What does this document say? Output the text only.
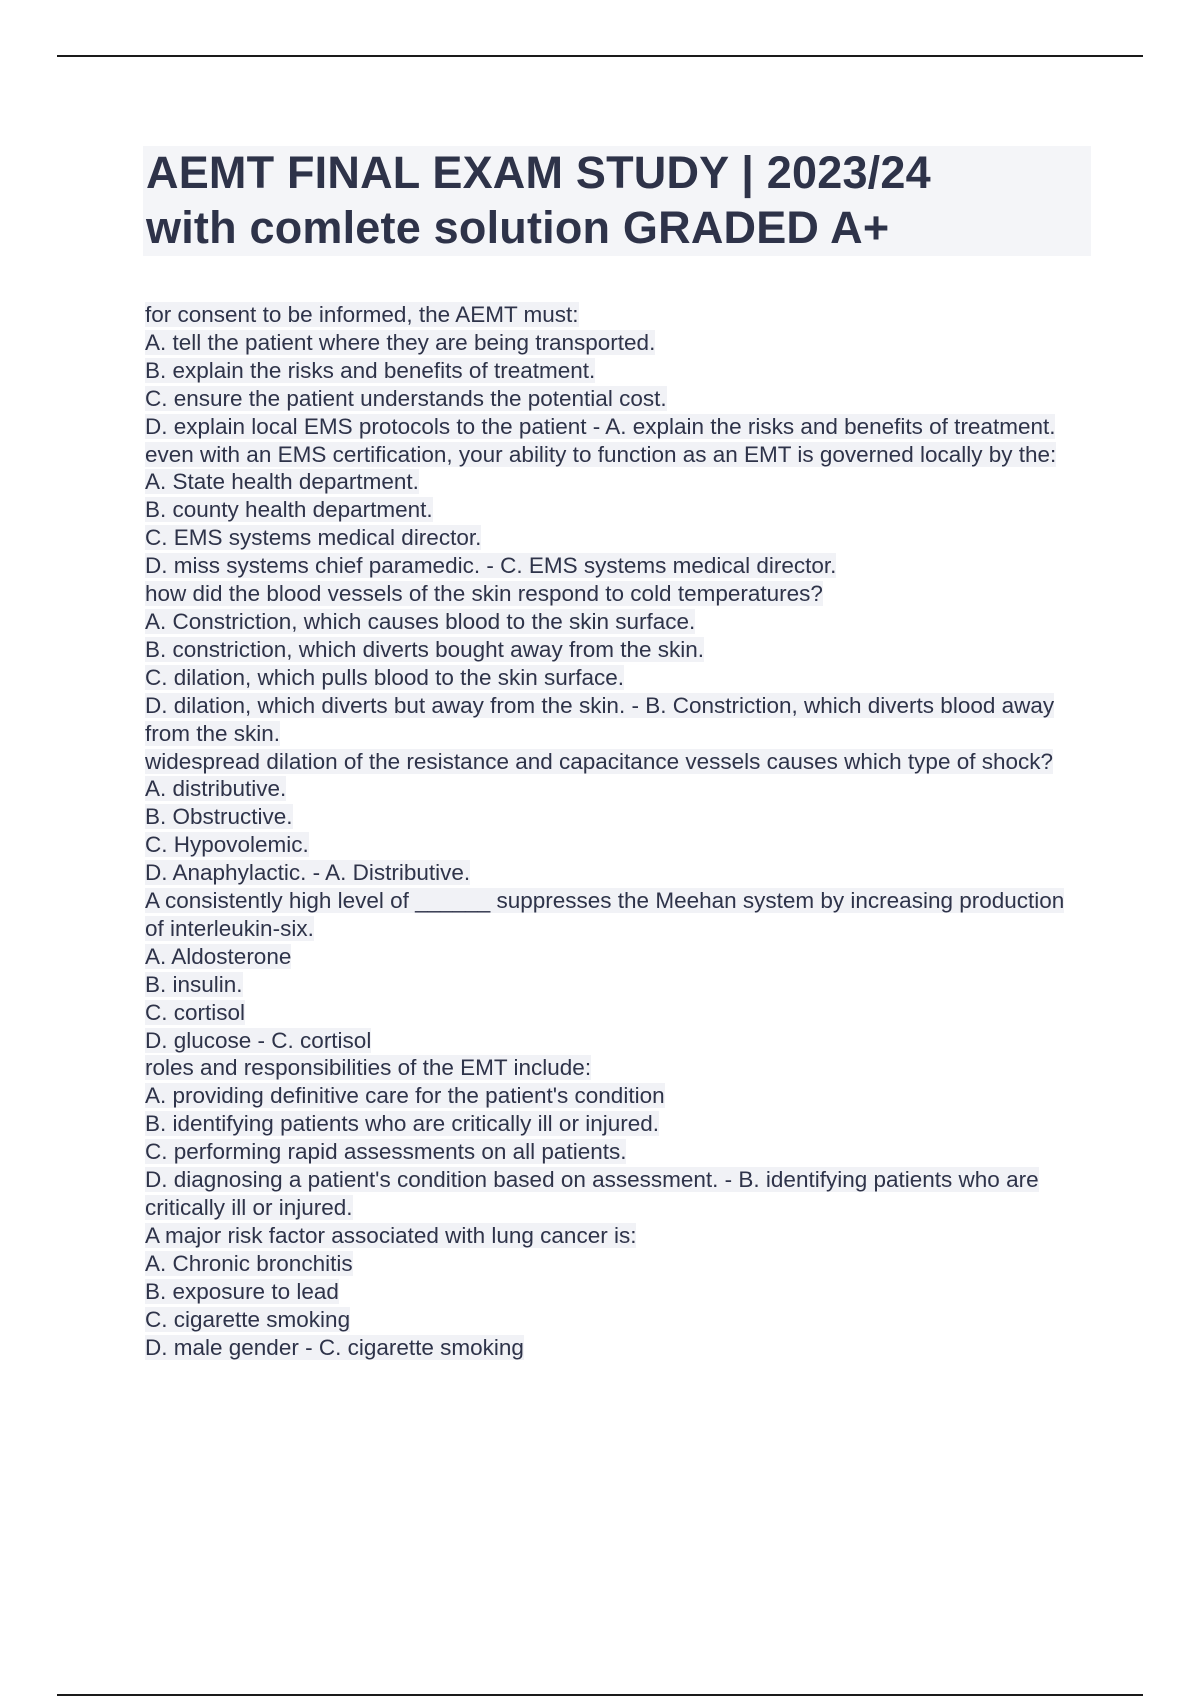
AEMT FINAL EXAM STUDY | 2023/24
with comlete solution GRADED A+
for consent to be informed, the AEMT must:
A. tell the patient where they are being transported.
B. explain the risks and benefits of treatment.
C. ensure the patient understands the potential cost.
D. explain local EMS protocols to the patient - A. explain the risks and benefits of treatment.
even with an EMS certification, your ability to function as an EMT is governed locally by the:
A. State health department.
B. county health department.
C. EMS systems medical director.
D. miss systems chief paramedic. - C. EMS systems medical director.
how did the blood vessels of the skin respond to cold temperatures?
A. Constriction, which causes blood to the skin surface.
B. constriction, which diverts bought away from the skin.
C. dilation, which pulls blood to the skin surface.
D. dilation, which diverts but away from the skin. - B. Constriction, which diverts blood away from the skin.
widespread dilation of the resistance and capacitance vessels causes which type of shock?
A. distributive.
B. Obstructive.
C. Hypovolemic.
D. Anaphylactic. - A. Distributive.
A consistently high level of ______ suppresses the Meehan system by increasing production of interleukin-six.
A. Aldosterone
B. insulin.
C. cortisol
D. glucose - C. cortisol
roles and responsibilities of the EMT include:
A. providing definitive care for the patient's condition
B. identifying patients who are critically ill or injured.
C. performing rapid assessments on all patients.
D. diagnosing a patient's condition based on assessment. - B. identifying patients who are critically ill or injured.
A major risk factor associated with lung cancer is:
A. Chronic bronchitis
B. exposure to lead
C. cigarette smoking
D. male gender - C. cigarette smoking
